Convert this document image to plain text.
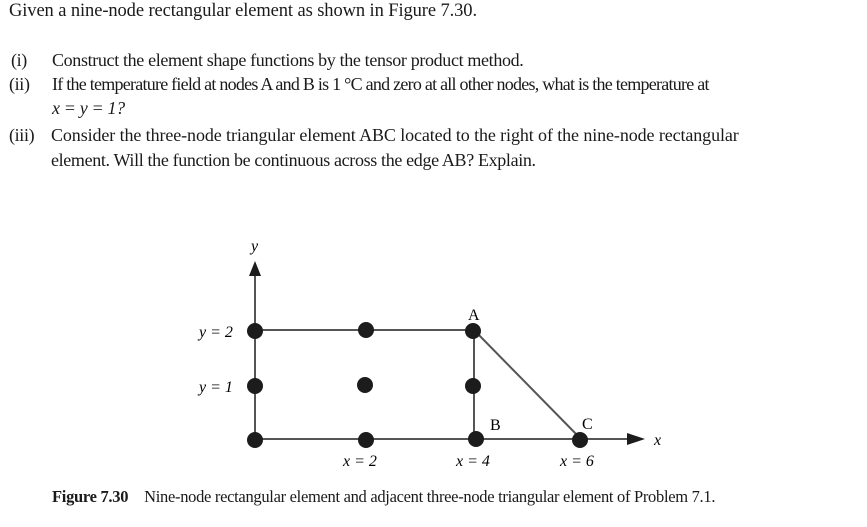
Given a nine-node rectangular element as shown in Figure 7.30.
(i) Construct the element shape functions by the tensor product method.
(ii) If the temperature field at nodes A and B is 1 °C and zero at all other nodes, what is the temperature at
x = y = 1?
(iii) Consider the three-node triangular element ABC located to the right of the nine-node rectangular
element. Will the function be continuous across the edge AB? Explain.
y
x
y = 2
y = 1
x = 2	x = 4	x = 6
A
B	C
Figure 7.30 Nine-node rectangular element and adjacent three-node triangular element of Problem 7.1.
